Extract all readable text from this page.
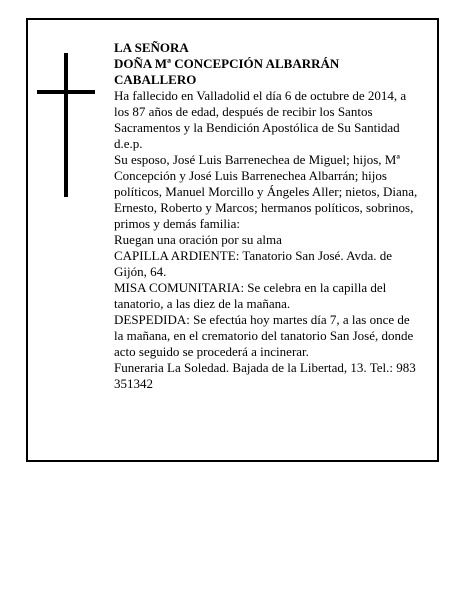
LA SEÑORA

DOÑA Mª CONCEPCIÓN ALBARRÁN CABALLERO

Ha fallecido en Valladolid el día 6 de octubre de 2014, a los 87 años de edad, después de recibir los Santos Sacramentos y la Bendición Apostólica de Su Santidad d.e.p.

Su esposo, José Luis Barrenechea de Miguel; hijos, Mª Concepción y José Luis Barrenechea Albarrán; hijos políticos, Manuel Morcillo y Ángeles Aller; nietos, Diana, Ernesto, Roberto y Marcos; hermanos políticos, sobrinos, primos y demás familia:

Ruegan una oración por su alma

CAPILLA ARDIENTE: Tanatorio San José. Avda. de Gijón, 64.

MISA COMUNITARIA: Se celebra en la capilla del tanatorio, a las diez de la mañana.

DESPEDIDA: Se efectúa hoy martes día 7, a las once de la mañana, en el crematorio del tanatorio San José, donde acto seguido se procederá a incinerar.

Funeraria La Soledad. Bajada de la Libertad, 13. Tel.: 983 351342
